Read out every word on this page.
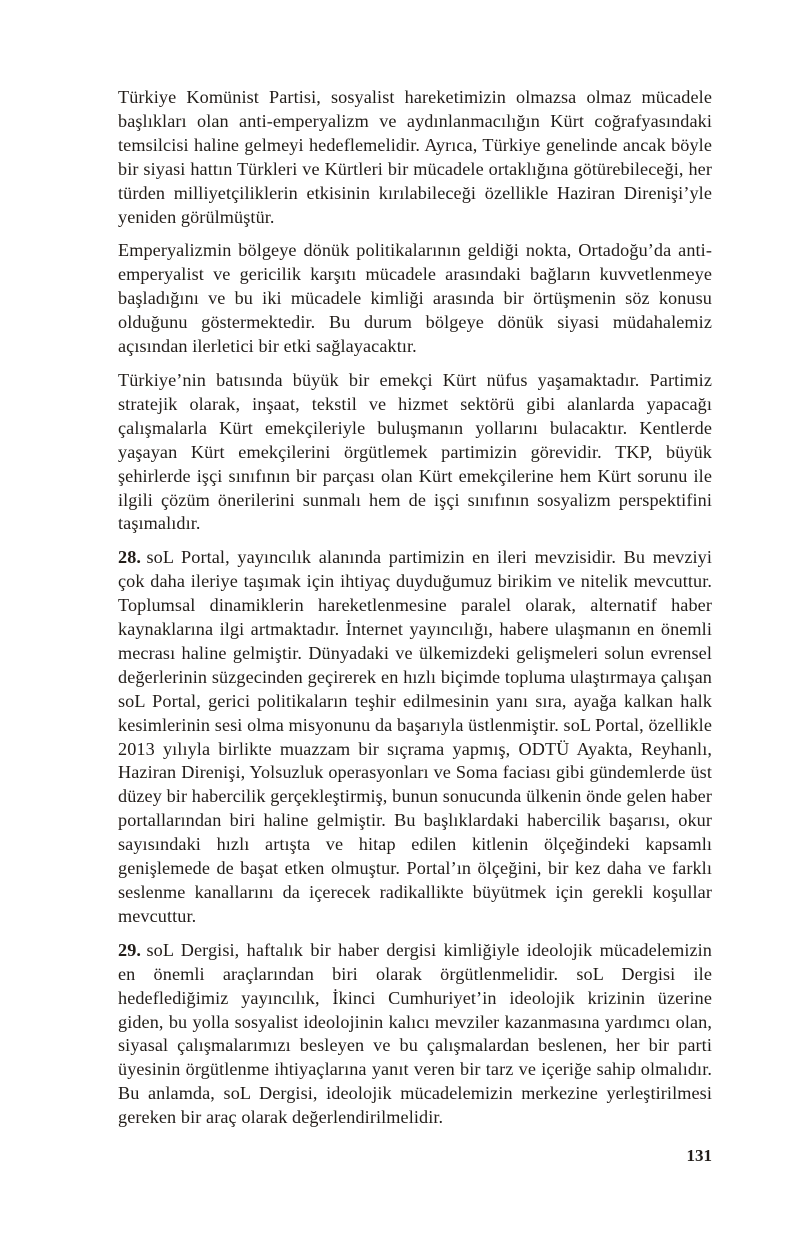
Türkiye Komünist Partisi, sosyalist hareketimizin olmazsa olmaz mücadele başlıkları olan anti-emperyalizm ve aydınlanmacılığın Kürt coğrafyasındaki temsilcisi haline gelmeyi hedeflemelidir. Ayrıca, Türkiye genelinde ancak böyle bir siyasi hattın Türkleri ve Kürtleri bir mücadele ortaklığına götürebileceği, her türden milliyetçiliklerin etkisinin kırılabileceği özellikle Haziran Direnişi’yle yeniden görülmüştür.

Emperyalizmin bölgeye dönük politikalarının geldiği nokta, Ortadoğu’da anti-emperyalist ve gericilik karşıtı mücadele arasındaki bağların kuvvetlenmeye başladığını ve bu iki mücadele kimliği arasında bir örtüşmenin söz konusu olduğunu göstermektedir. Bu durum bölgeye dönük siyasi müdahalemiz açısından ilerletici bir etki sağlayacaktır.

Türkiye’nin batısında büyük bir emekçi Kürt nüfus yaşamaktadır. Partimiz stratejik olarak, inşaat, tekstil ve hizmet sektörü gibi alanlarda yapacağı çalışmalarla Kürt emekçileriyle buluşmanın yollarını bulacaktır. Kentlerde yaşayan Kürt emekçilerini örgütlemek partimizin görevidir. TKP, büyük şehirlerde işçi sınıfının bir parçası olan Kürt emekçilerine hem Kürt sorunu ile ilgili çözüm önerilerini sunmalı hem de işçi sınıfının sosyalizm perspektifini taşımalıdır.

28. soL Portal, yayıncılık alanında partimizin en ileri mevzisidir. Bu mevziyi çok daha ileriye taşımak için ihtiyaç duyduğumuz birikim ve nitelik mevcuttur. Toplumsal dinamiklerin hareketlenmesine paralel olarak, alternatif haber kaynaklarına ilgi artmaktadır. İnternet yayıncılığı, habere ulaşmanın en önemli mecrası haline gelmiştir. Dünyadaki ve ülkemizdeki gelişmeleri solun evrensel değerlerinin süzgecinden geçirerek en hızlı biçimde topluma ulaştırmaya çalışan soL Portal, gerici politikaların teşhir edilmesinin yanı sıra, ayağa kalkan halk kesimlerinin sesi olma misyonunu da başarıyla üstlenmiştir. soL Portal, özellikle 2013 yılıyla birlikte muazzam bir sıçrama yapmış, ODTÜ Ayakta, Reyhanlı, Haziran Direnişi, Yolsuzluk operasyonları ve Soma faciası gibi gündemlerde üst düzey bir habercilik gerçekleştirmiş, bunun sonucunda ülkenin önde gelen haber portallarından biri haline gelmiştir. Bu başlıklardaki habercilik başarısı, okur sayısındaki hızlı artışta ve hitap edilen kitlenin ölçeğindeki kapsamlı genişlemede de başat etken olmuştur. Portal’ın ölçeğini, bir kez daha ve farklı seslenme kanallarını da içerecek radikallikte büyütmek için gerekli koşullar mevcuttur.

29. soL Dergisi, haftalık bir haber dergisi kimliğiyle ideolojik mücadelemizin en önemli araçlarından biri olarak örgütlenmelidir. soL Dergisi ile hedeflediğimiz yayıncılık, İkinci Cumhuriyet’in ideolojik krizinin üzerine giden, bu yolla sosyalist ideolojinin kalıcı mevziler kazanmasına yardımcı olan, siyasal çalışmalarımızı besleyen ve bu çalışmalardan beslenen, her bir parti üyesinin örgütlenme ihtiyaçlarına yanıt veren bir tarz ve içeriğe sahip olmalıdır. Bu anlamda, soL Dergisi, ideolojik mücadelemizin merkezine yerleştirilmesi gereken bir araç olarak değerlendirilmelidir.

131
